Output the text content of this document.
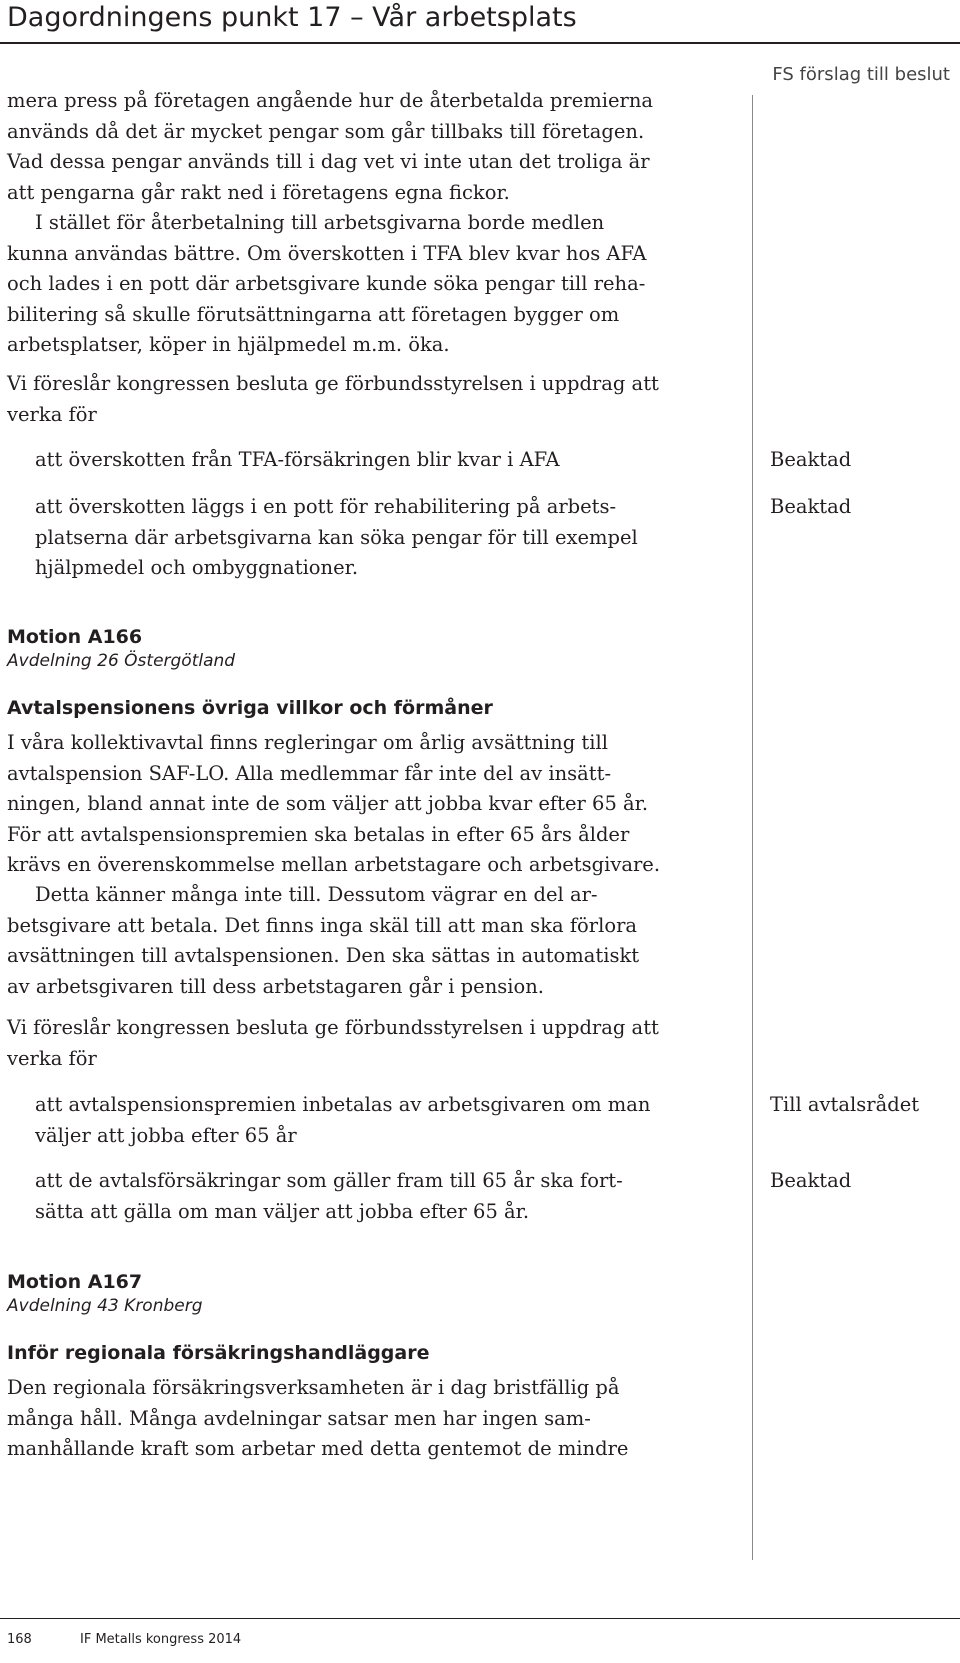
Dagordningens punkt 17 – Vår arbetsplats
FS förslag till beslut
mera press på företagen angående hur de återbetalda premierna
används då det är mycket pengar som går tillbaks till företagen.
Vad dessa pengar används till i dag vet vi inte utan det troliga är
att pengarna går rakt ned i företagens egna fickor.
I stället för återbetalning till arbetsgivarna borde medlen
kunna användas bättre. Om överskotten i TFA blev kvar hos AFA
och lades i en pott där arbetsgivare kunde söka pengar till reha-
bilitering så skulle förutsättningarna att företagen bygger om
arbetsplatser, köper in hjälpmedel m.m. öka.
Vi föreslår kongressen besluta ge förbundsstyrelsen i uppdrag att
verka för
att överskotten från TFA-försäkringen blir kvar i AFA	Beaktad
att överskotten läggs i en pott för rehabilitering på arbets-
platserna där arbetsgivarna kan söka pengar för till exempel
hjälpmedel och ombyggnationer.
Beaktad
Motion A166
Avdelning 26 Östergötland
Avtalspensionens övriga villkor och förmåner
I våra kollektivavtal finns regleringar om årlig avsättning till
avtalspension SAF-LO. Alla medlemmar får inte del av insätt-
ningen, bland annat inte de som väljer att jobba kvar efter 65 år.
För att avtalspensionspremien ska betalas in efter 65 års ålder
krävs en överenskommelse mellan arbetstagare och arbetsgivare.
Detta känner många inte till. Dessutom vägrar en del ar-
betsgivare att betala. Det finns inga skäl till att man ska förlora
avsättningen till avtalspensionen. Den ska sättas in automatiskt
av arbetsgivaren till dess arbetstagaren går i pension.
Vi föreslår kongressen besluta ge förbundsstyrelsen i uppdrag att
verka för
att avtalspensionspremien inbetalas av arbetsgivaren om man
väljer att jobba efter 65 år
Till avtalsrådet
att de avtalsförsäkringar som gäller fram till 65 år ska fort-
sätta att gälla om man väljer att jobba efter 65 år.
Beaktad
Motion A167
Avdelning 43 Kronberg
Inför regionala försäkringshandläggare
Den regionala försäkringsverksamheten är i dag bristfällig på
många håll. Många avdelningar satsar men har ingen sam-
manhållande kraft som arbetar med detta gentemot de mindre
168	IF Metalls kongress 2014
